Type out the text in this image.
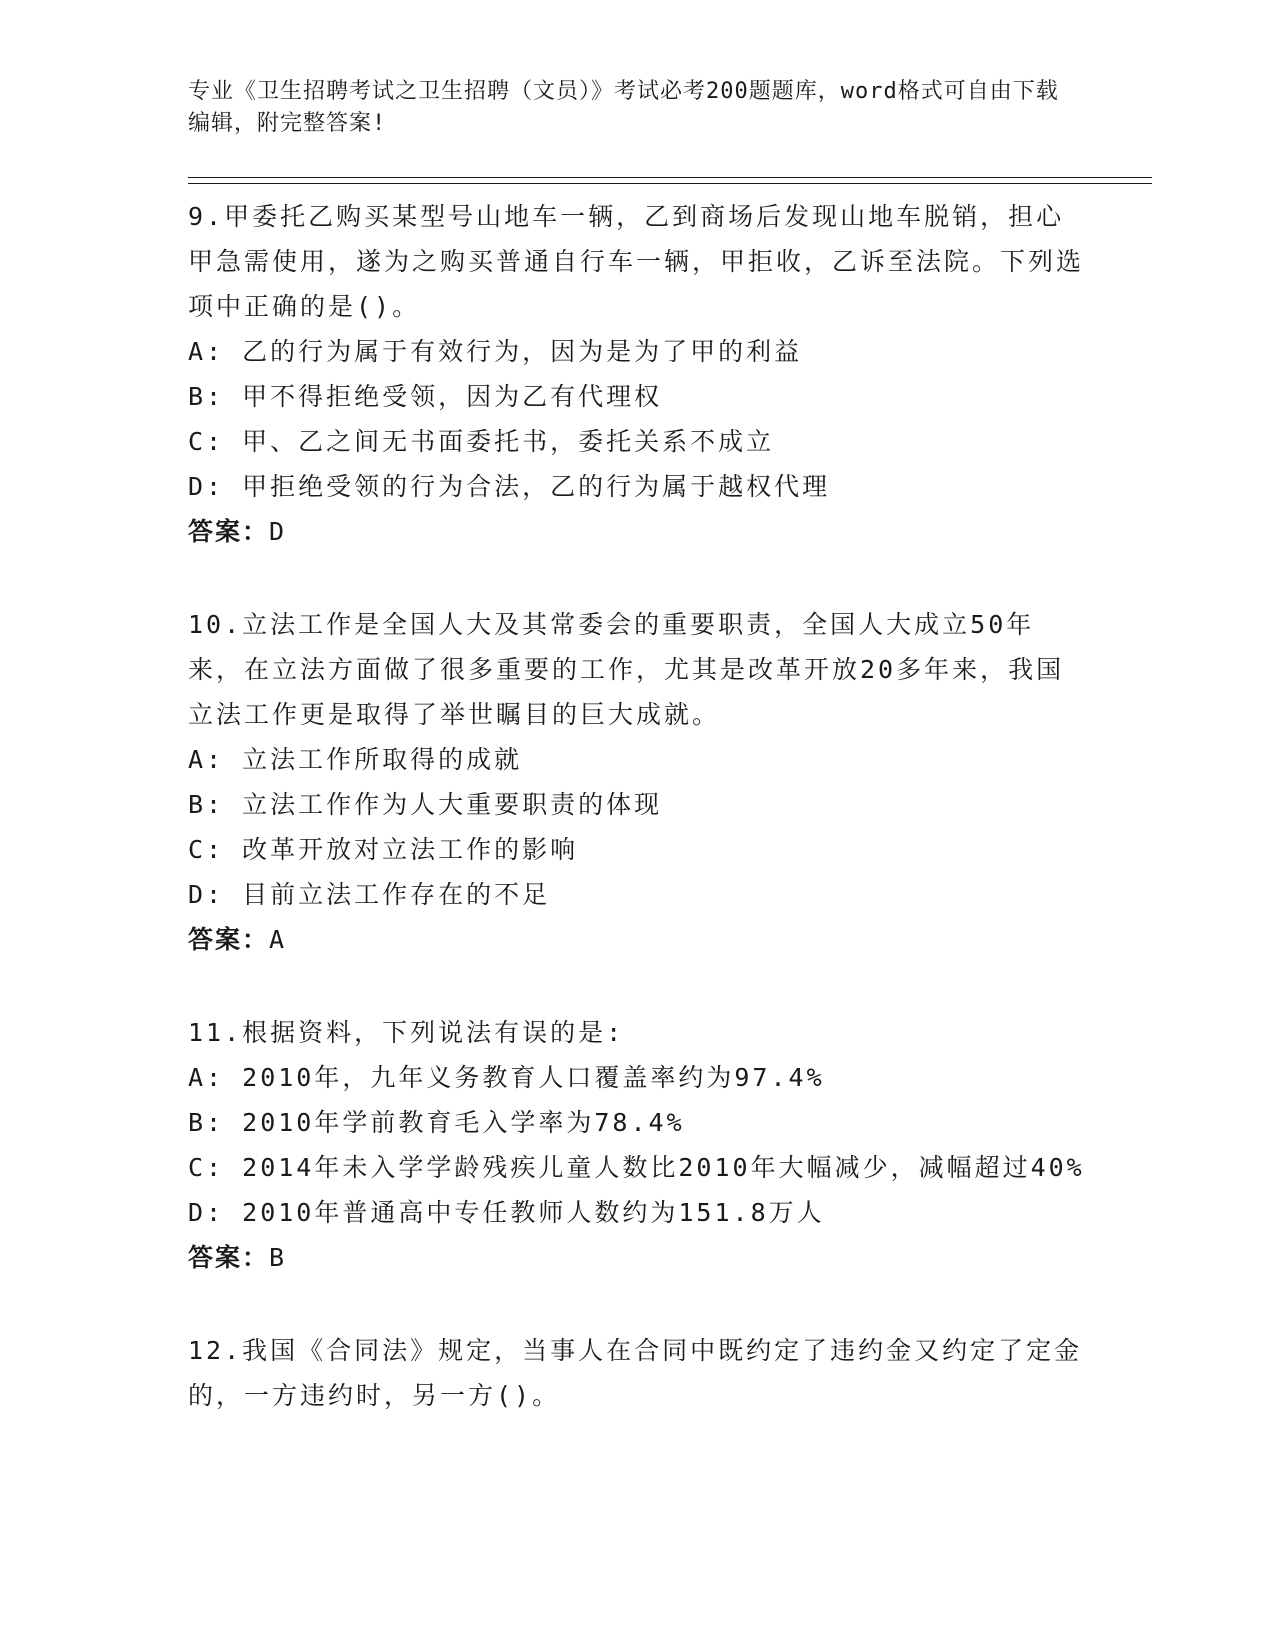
专业《卫生招聘考试之卫生招聘（文员）》考试必考200题题库，word格式可自由下载编辑，附完整答案!
9.甲委托乙购买某型号山地车一辆，乙到商场后发现山地车脱销，担心甲急需使用，遂为之购买普通自行车一辆，甲拒收，乙诉至法院。下列选项中正确的是()。
A: 乙的行为属于有效行为，因为是为了甲的利益
B: 甲不得拒绝受领，因为乙有代理权
C: 甲、乙之间无书面委托书，委托关系不成立
D: 甲拒绝受领的行为合法，乙的行为属于越权代理
答案：D
10.立法工作是全国人大及其常委会的重要职责，全国人大成立50年来，在立法方面做了很多重要的工作，尤其是改革开放20多年来，我国立法工作更是取得了举世瞩目的巨大成就。
A: 立法工作所取得的成就
B: 立法工作作为人大重要职责的体现
C: 改革开放对立法工作的影响
D: 目前立法工作存在的不足
答案：A
11.根据资料，下列说法有误的是:
A: 2010年，九年义务教育人口覆盖率约为97.4%
B: 2010年学前教育毛入学率为78.4%
C: 2014年未入学学龄残疾儿童人数比2010年大幅减少，减幅超过40%
D: 2010年普通高中专任教师人数约为151.8万人
答案：B
12.我国《合同法》规定，当事人在合同中既约定了违约金又约定了定金的，一方违约时，另一方()。
